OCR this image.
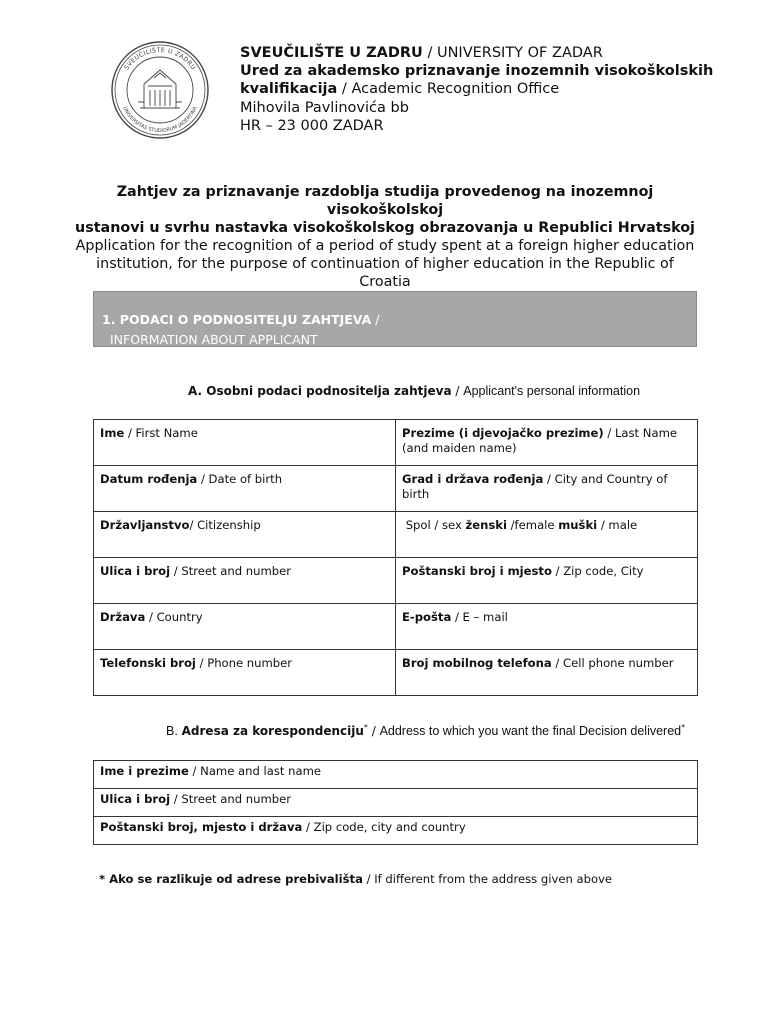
SVEUČILIŠTE U ZADRU
UNIVERSITAS STUDIORUM JADERTINA
SVEUČILIŠTE U ZADRU / UNIVERSITY OF ZADAR
Ured za akademsko priznavanje inozemnih visokoškolskih
kvalifikacija / Academic Recognition Office
Mihovila Pavlinovića bb
HR – 23 000 ZADAR
Zahtjev za priznavanje razdoblja studija provedenog na inozemnoj visokoškolskoj
ustanovi u svrhu nastavka visokoškolskog obrazovanja u Republici Hrvatskoj
Application for the recognition of a period of study spent at a foreign higher education
institution, for the purpose of continuation of higher education in the Republic of
Croatia
1. PODACI O PODNOSITELJU ZAHTJEVA /
INFORMATION ABOUT APPLICANT
A. Osobni podaci podnositelja zahtjeva / Applicant's personal information
Ime / First Name	Prezime (i djevojačko prezime) / Last Name (and maiden name)
Datum rođenja / Date of birth	Grad i država rođenja / City and Country of birth
Državljanstvo/ Citizenship	Spol / sex ženski /female muški / male
Ulica i broj / Street and number	Poštanski broj i mjesto / Zip code, City
Država / Country	E-pošta / E – mail
Telefonski broj / Phone number	Broj mobilnog telefona / Cell phone number
B. Adresa za korespondenciju* / Address to which you want the final Decision delivered*
Ime i prezime / Name and last name
Ulica i broj / Street and number
Poštanski broj, mjesto i država / Zip code, city and country
* Ako se razlikuje od adrese prebivališta / If different from the address given above
